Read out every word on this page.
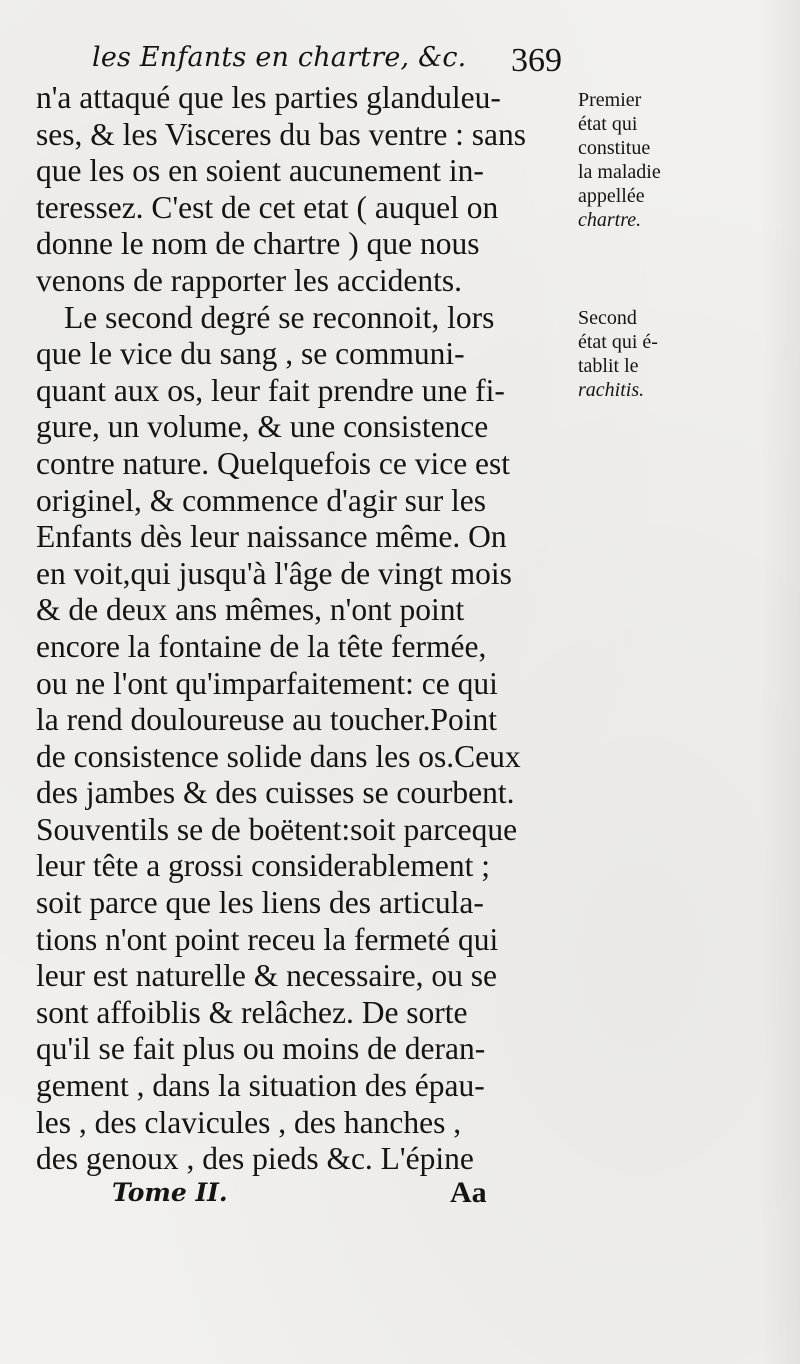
les Enfants en chartre, &c. 369
n'a attaqué que les parties glanduleu-
ses, & les Visceres du bas ventre : sans
que les os en soient aucunement in-
teressez. C'est de cet etat ( auquel on
donne le nom de chartre ) que nous
venons de rapporter les accidents.
Le second degré se reconnoit, lors
que le vice du sang , se communi-
quant aux os, leur fait prendre une fi-
gure, un volume, & une consistence
contre nature. Quelquefois ce vice est
originel, & commence d'agir sur les
Enfants dès leur naissance même. On
en voit,qui jusqu'à l'âge de vingt mois
& de deux ans mêmes, n'ont point
encore la fontaine de la tête fermée,
ou ne l'ont qu'imparfaitement: ce qui
la rend douloureuse au toucher.Point
de consistence solide dans les os.Ceux
des jambes & des cuisses se courbent.
Souventils se de boëtent:soit parceque
leur tête a grossi considerablement ;
soit parce que les liens des articula-
tions n'ont point receu la fermeté qui
leur est naturelle & necessaire, ou se
sont affoiblis & relâchez. De sorte
qu'il se fait plus ou moins de deran-
gement , dans la situation des épau-
les , des clavicules , des hanches ,
des genoux , des pieds &c. L'épine
Premier
état qui
constitue
la maladie
appellée
chartre.
Second
état qui é-
tablit le
rachitis.
Tome II.	Aa
